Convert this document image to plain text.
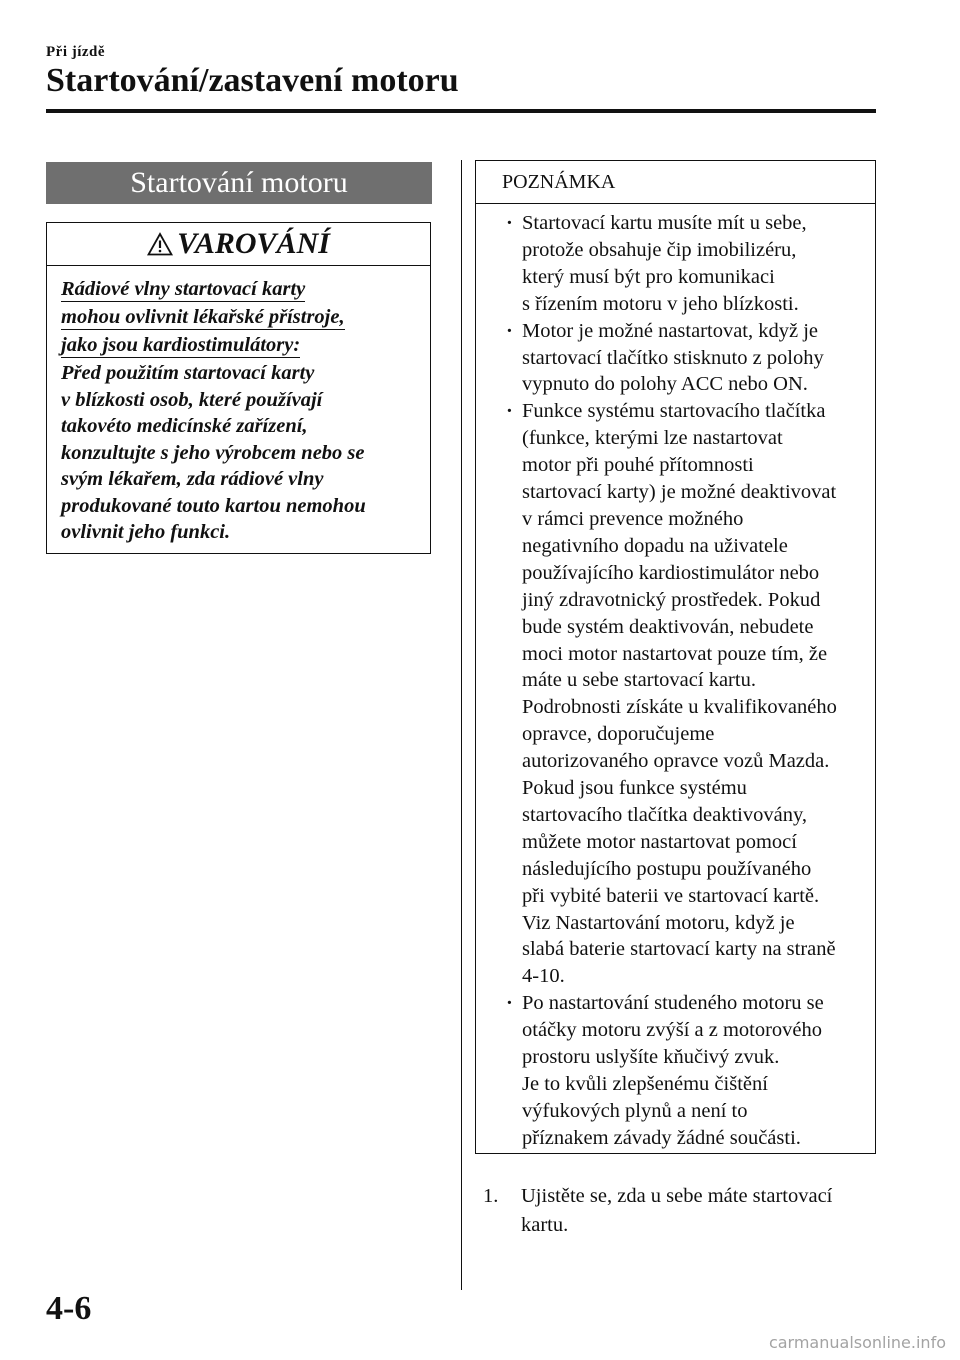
Při jízdě
Startování/zastavení motoru
Startování motoru
VAROVÁNÍ
Rádiové vlny startovací karty
mohou ovlivnit lékařské přístroje,
jako jsou kardiostimulátory:
Před použitím startovací karty
v blízkosti osob, které používají
takovéto medicínské zařízení,
konzultujte s jeho výrobcem nebo se
svým lékařem, zda rádiové vlny
produkované touto kartou nemohou
ovlivnit jeho funkci.
POZNÁMKA
· Startovací kartu musíte mít u sebe,
protože obsahuje čip imobilizéru,
který musí být pro komunikaci
s řízením motoru v jeho blízkosti.
· Motor je možné nastartovat, když je
startovací tlačítko stisknuto z polohy
vypnuto do polohy ACC nebo ON.
· Funkce systému startovacího tlačítka
(funkce, kterými lze nastartovat
motor při pouhé přítomnosti
startovací karty) je možné deaktivovat
v rámci prevence možného
negativního dopadu na uživatele
používajícího kardiostimulátor nebo
jiný zdravotnický prostředek. Pokud
bude systém deaktivován, nebudete
moci motor nastartovat pouze tím, že
máte u sebe startovací kartu.
Podrobnosti získáte u kvalifikovaného
opravce, doporučujeme
autorizovaného opravce vozů Mazda.
Pokud jsou funkce systému
startovacího tlačítka deaktivovány,
můžete motor nastartovat pomocí
následujícího postupu používaného
při vybité baterii ve startovací kartě.
Viz Nastartování motoru, když je
slabá baterie startovací karty na straně
4-10.
· Po nastartování studeného motoru se
otáčky motoru zvýší a z motorového
prostoru uslyšíte kňučivý zvuk.
Je to kvůli zlepšenému čištění
výfukových plynů a není to
příznakem závady žádné součásti.
1.	Ujistěte se, zda u sebe máte startovací
kartu.
4-6
carmanualsonline.info
